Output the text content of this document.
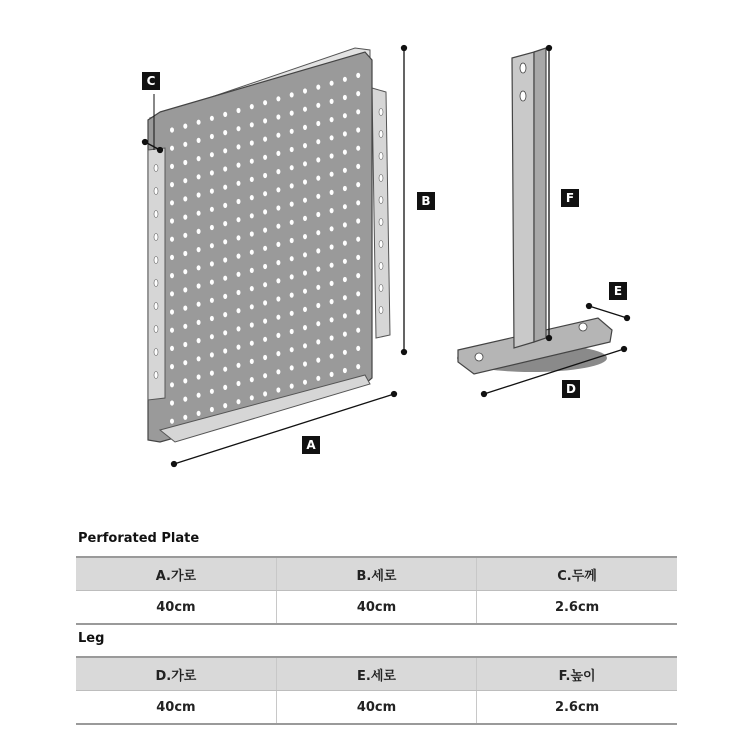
A
B
C
D
E
F
Perforated Plate
A.가로	B.세로	C.두께
40cm	40cm	2.6cm
Leg
D.가로	E.세로	F.높이
40cm	40cm	2.6cm
